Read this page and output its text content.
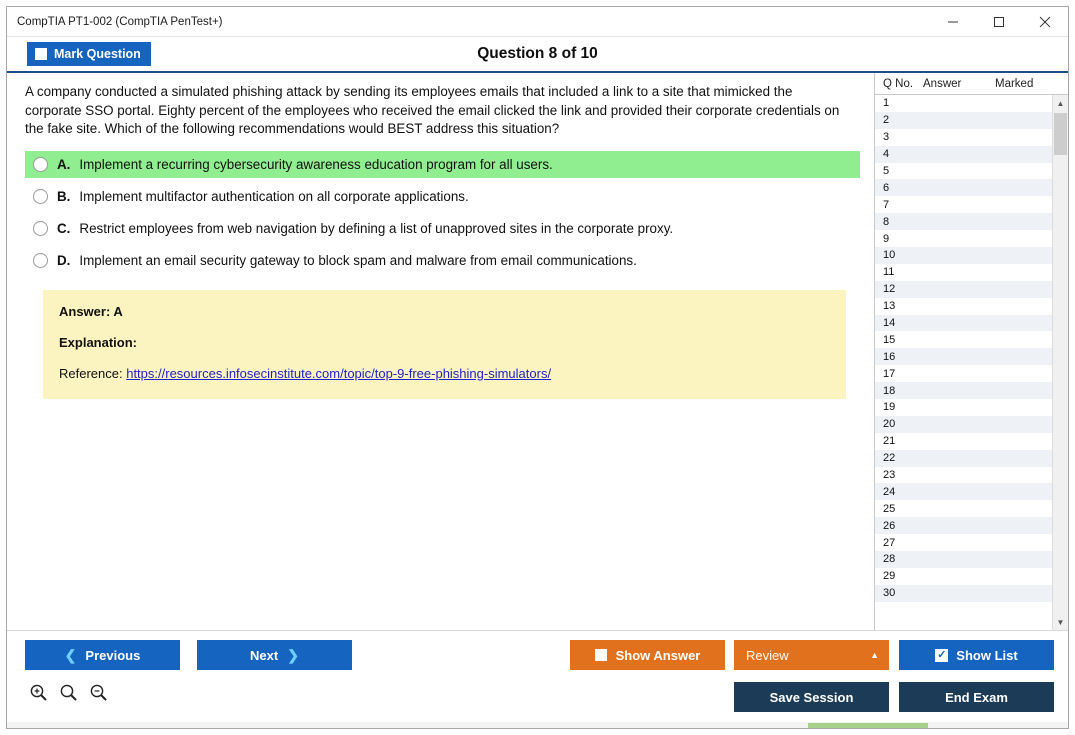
CompTIA PT1-002 (CompTIA PenTest+)
Mark Question	Question 8 of 10

A company conducted a simulated phishing attack by sending its employees emails that included a link to a site that mimicked the corporate SSO portal. Eighty percent of the employees who received the email clicked the link and provided their corporate credentials on the fake site. Which of the following recommendations would BEST address this situation?

A. Implement a recurring cybersecurity awareness education program for all users.
B. Implement multifactor authentication on all corporate applications.
C. Restrict employees from web navigation by defining a list of unapproved sites in the corporate proxy.
D. Implement an email security gateway to block spam and malware from email communications.
Answer: A
Explanation:
Reference: https://resources.infosecinstitute.com/topic/top-9-free-phishing-simulators/
Q No. Answer	Marked
1
2
3
4
5
6
7
8
9
10
11
12
13
14
15
16
17
18
19
20
21
22
23
24
25
26
27
28
29
30
▲
▼
❮ Previous	Next ❯	Show Answer	Review	▲	✓ Show List
Save Session	End Exam
